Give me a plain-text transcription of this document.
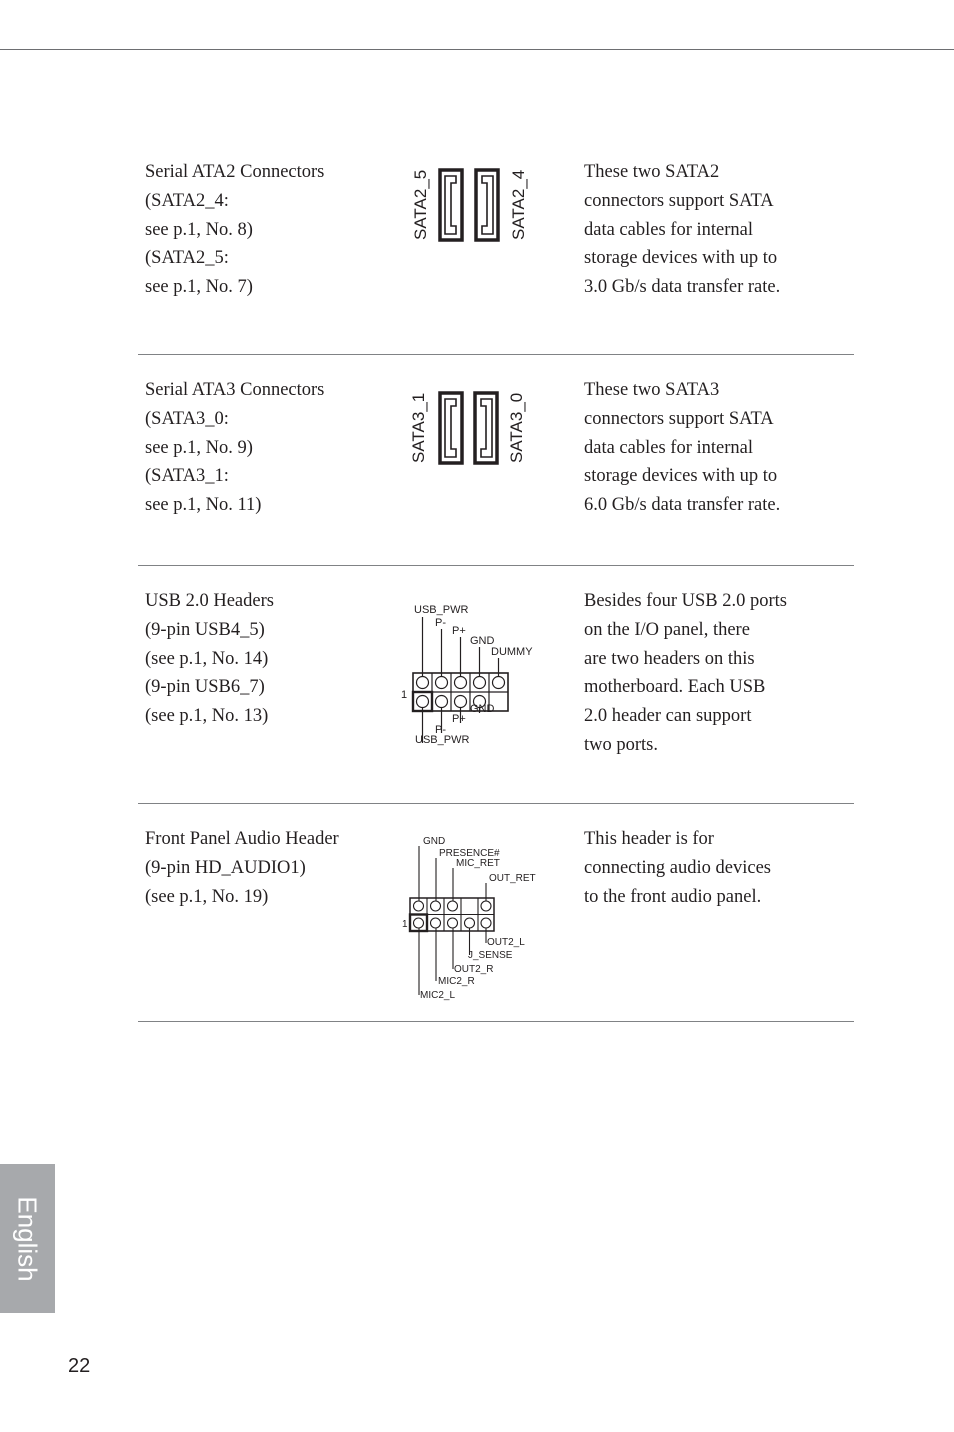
Serial ATA2 Connectors
(SATA2_4:
see p.1, No. 8)
(SATA2_5:
see p.1, No. 7)

SATA2_5	SATA2_4	These two SATA2
connectors support SATA
data cables for internal
storage devices with up to
3.0 Gb/s data transfer rate.

Serial ATA3 Connectors
(SATA3_0:
see p.1, No. 9)
(SATA3_1:
see p.1, No. 11)

SATA3_1	SATA3_0

These two SATA3
connectors support SATA
data cables for internal
storage devices with up to
6.0 Gb/s data transfer rate.

USB 2.0 Headers
(9-pin USB4_5)
(see p.1, No. 14)
(9-pin USB6_7)
(see p.1, No. 13)

USB_PWR
P-
P+
GND
DUMMY
1
GND
P+
P-
USB_PWR

Besides four USB 2.0 ports
on the I/O panel, there
are two headers on this
motherboard. Each USB
2.0 header can support
two ports.

Front Panel Audio Header
(9-pin HD_AUDIO1)
(see p.1, No. 19)

GND
PRESENCE#
MIC_RET
OUT_RET
1
OUT2_L
J_SENSE
OUT2_R
MIC2_R
MIC2_L

This header is for
connecting audio devices
to the front audio panel.

English
22
